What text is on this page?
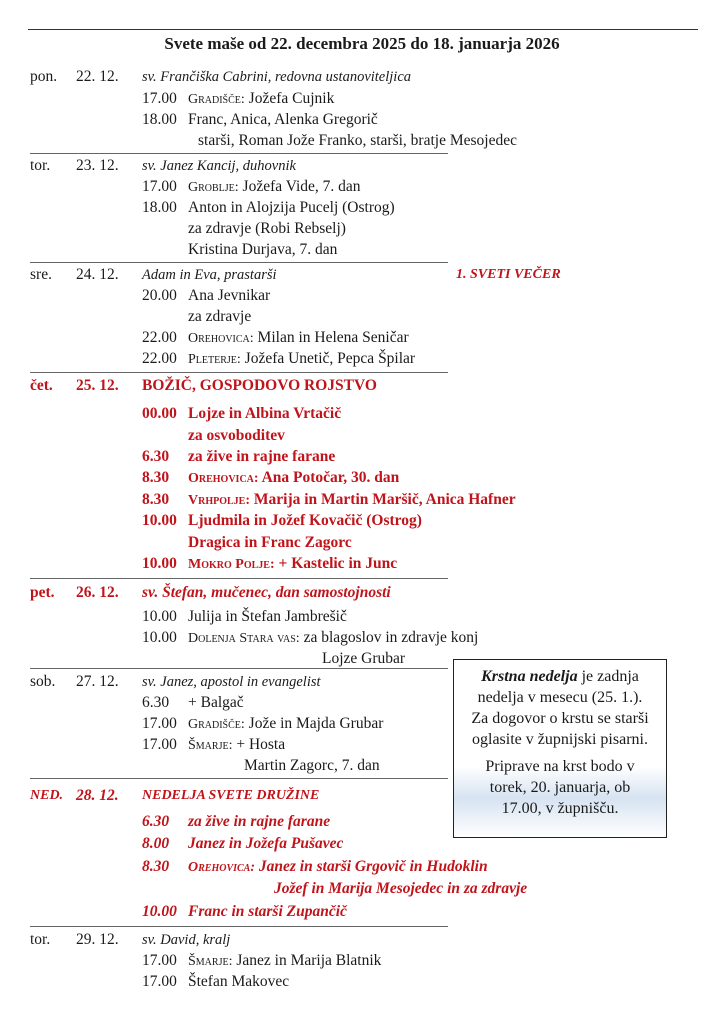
Svete maše od 22. decembra 2025 do 18. januarja 2026
pon. 22. 12. sv. Frančiška Cabrini, redovna ustanoviteljica
17.00 Gradišče: Jožefa Cujnik
18.00 Franc, Anica, Alenka Gregorič
starši, Roman Jože Franko, starši, bratje Mesojedec
tor. 23. 12. sv. Janez Kancij, duhovnik
17.00 Groblje: Jožefa Vide, 7. dan
18.00 Anton in Alojzija Pucelj (Ostrog)
za zdravje (Robi Rebselj)
Kristina Durjava, 7. dan
sre. 24. 12. Adam in Eva, prastarši	1. SVETI VEČER
20.00 Ana Jevnikar
za zdravje
22.00 Orehovica: Milan in Helena Seničar
22.00 Pleterje: Jožefa Unetič, Pepca Špilar
čet. 25. 12. BOŽIČ, GOSPODOVO ROJSTVO
00.00 Lojze in Albina Vrtačič
za osvoboditev
6.30 za žive in rajne farane
8.30 Orehovica: Ana Potočar, 30. dan
8.30 Vrhpolje: Marija in Martin Maršič, Anica Hafner
10.00 Ljudmila in Jožef Kovačič (Ostrog)
Dragica in Franc Zagorc
10.00 Mokro Polje: + Kastelic in Junc
pet. 26. 12. sv. Štefan, mučenec, dan samostojnosti
10.00 Julija in Štefan Jambrešič
10.00 Dolenja Stara vas: za blagoslov in zdravje konj
Lojze Grubar
sob. 27. 12. sv. Janez, apostol in evangelist
6.30 + Balgač
17.00 Gradišče: Jože in Majda Grubar
17.00 Šmarje: + Hosta
Martin Zagorc, 7. dan
NED. 28. 12. NEDELJA SVETE DRUŽINE
6.30 za žive in rajne farane
8.00 Janez in Jožefa Pušavec
8.30 Orehovica: Janez in starši Grgovič in Hudoklin
Jožef in Marija Mesojedec in za zdravje
10.00 Franc in starši Zupančič
tor. 29. 12. sv. David, kralj
17.00 Šmarje: Janez in Marija Blatnik
17.00 Štefan Makovec

Krstna nedelja je zadnja

nedelja v mesecu (25. 1.).

Za dogovor o krstu se starši

oglasite v župnijski pisarni.

Priprave na krst bodo v

torek, 20. januarja, ob

17.00, v župnišču.
